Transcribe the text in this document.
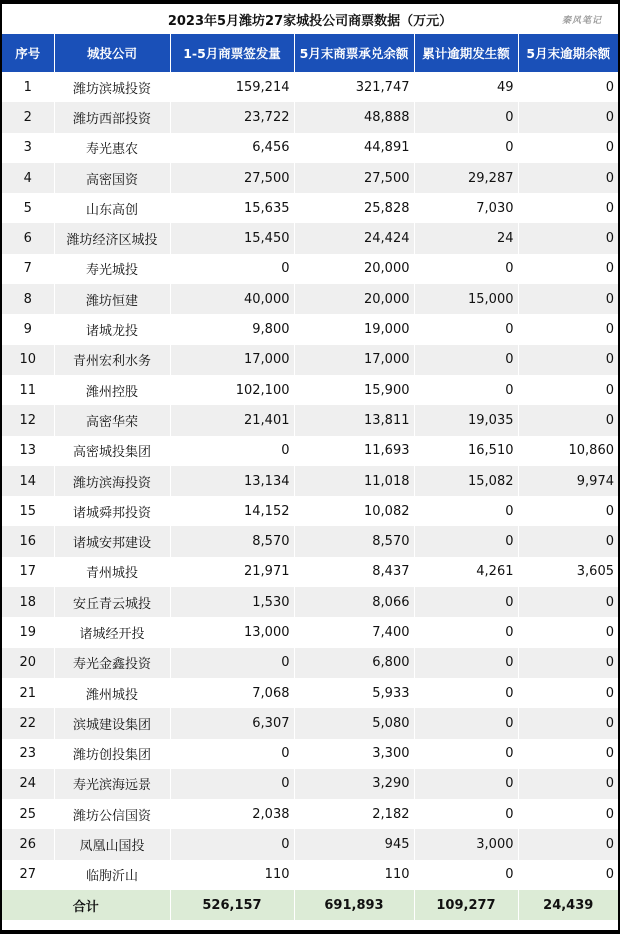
2023年5月潍坊27家城投公司商票数据（万元）	秦风笔记
序号	城投公司	1-5月商票签发量	5月末商票承兑余额	累计逾期发生额	5月末逾期余额
1	潍坊滨城投资	159,214	321,747	49	0
2	潍坊西部投资	23,722	48,888	0	0
3	寿光惠农	6,456	44,891	0	0
4	高密国资	27,500	27,500	29,287	0
5	山东高创	15,635	25,828	7,030	0
6	潍坊经济区城投	15,450	24,424	24	0
7	寿光城投	0	20,000	0	0
8	潍坊恒建	40,000	20,000	15,000	0
9	诸城龙投	9,800	19,000	0	0
10	青州宏利水务	17,000	17,000	0	0
11	潍州控股	102,100	15,900	0	0
12	高密华荣	21,401	13,811	19,035	0
13	高密城投集团	0	11,693	16,510	10,860
14	潍坊滨海投资	13,134	11,018	15,082	9,974
15	诸城舜邦投资	14,152	10,082	0	0
16	诸城安邦建设	8,570	8,570	0	0
17	青州城投	21,971	8,437	4,261	3,605
18	安丘青云城投	1,530	8,066	0	0
19	诸城经开投	13,000	7,400	0	0
20	寿光金鑫投资	0	6,800	0	0
21	潍州城投	7,068	5,933	0	0
22	滨城建设集团	6,307	5,080	0	0
23	潍坊创投集团	0	3,300	0	0
24	寿光滨海远景	0	3,290	0	0
25	潍坊公信国资	2,038	2,182	0	0
26	凤凰山国投	0	945	3,000	0
27	临朐沂山	110	110	0	0
合计		526,157	691,893	109,277	24,439
